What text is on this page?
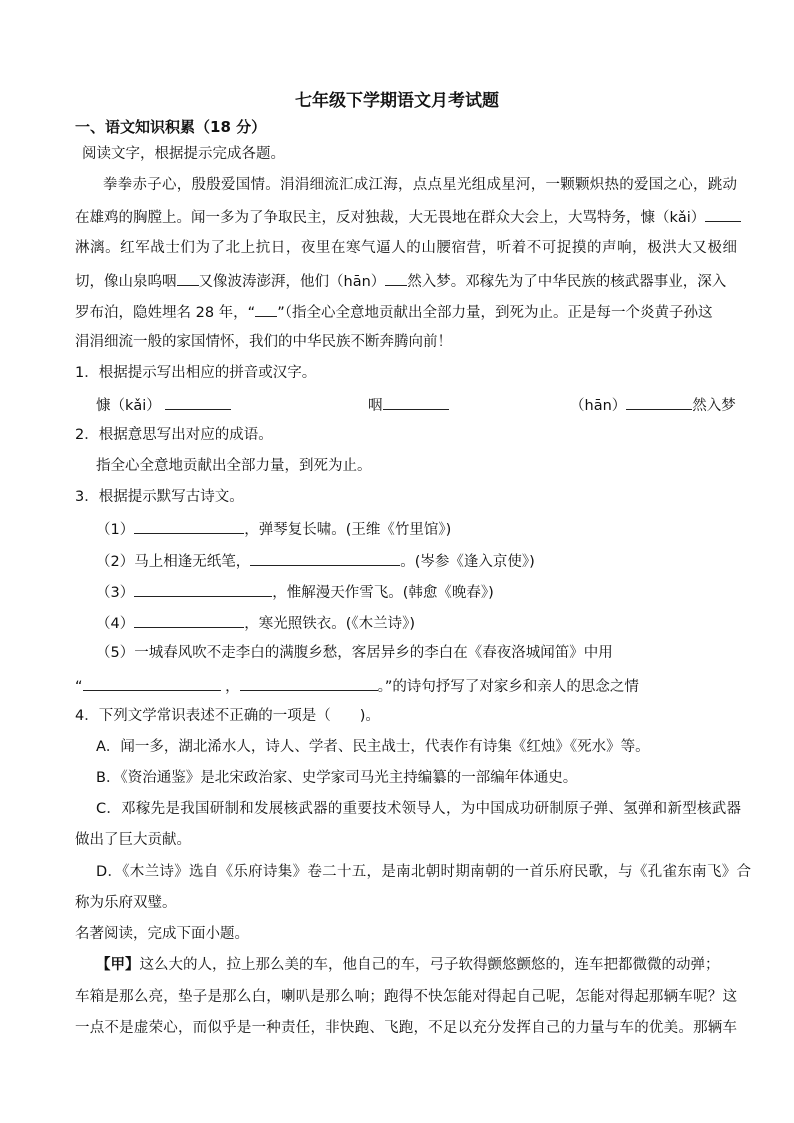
七年级下学期语文月考试题
一、语文知识积累（18 分）
阅读文字，根据提示完成各题。
拳拳赤子心，殷殷爱国情。涓涓细流汇成江海，点点星光组成星河，一颗颗炽热的爱国之心，跳动
在雄鸡的胸膛上。闻一多为了争取民主，反对独裁，大无畏地在群众大会上，大骂特务，慷（kǎi）
淋漓。红军战士们为了北上抗日，夜里在寒气逼人的山腰宿营，听着不可捉摸的声响，极洪大又极细
切，像山泉呜咽 又像波涛澎湃，他们（hān） 然入梦。邓稼先为了中华民族的核武器事业，深入
罗布泊，隐姓埋名 28 年，“ ”（指全心全意地贡献出全部力量，到死为止。正是每一个炎黄子孙这
涓涓细流一般的家国情怀，我们的中华民族不断奔腾向前！
1．根据提示写出相应的拼音或汉字。
慷（kǎi）	咽	（hān）	然入梦
2．根据意思写出对应的成语。
指全心全意地贡献出全部力量，到死为止。
3．根据提示默写古诗文。
（1）	，弹琴复长啸。(王维《竹里馆》)
（2）马上相逢无纸笔，	。(岑参《逢入京使》)
（3）	，惟解漫天作雪飞。(韩愈《晚春》)
（4）	，寒光照铁衣。(《木兰诗》)
（5）一城春风吹不走李白的满腹乡愁，客居异乡的李白在《春夜洛城闻笛》中用
“	，	。”的诗句抒写了对家乡和亲人的思念之情
4．下列文学常识表述不正确的一项是（　　)。
A．闻一多，湖北浠水人，诗人、学者、民主战士，代表作有诗集《红烛》《死水》等。
B．《资治通鉴》是北宋政治家、史学家司马光主持编纂的一部编年体通史。
C．邓稼先是我国研制和发展核武器的重要技术领导人，为中国成功研制原子弹、氢弹和新型核武器
做出了巨大贡献。
D．《木兰诗》选自《乐府诗集》卷二十五，是南北朝时期南朝的一首乐府民歌，与《孔雀东南飞》合
称为乐府双璧。
名著阅读，完成下面小题。
【甲】这么大的人，拉上那么美的车，他自己的车，弓子软得颤悠颤悠的，连车把都微微的动弹；
车箱是那么亮，垫子是那么白，喇叭是那么响；跑得不快怎能对得起自己呢，怎能对得起那辆车呢？这
一点不是虚荣心，而似乎是一种责任，非快跑、飞跑，不足以充分发挥自己的力量与车的优美。那辆车
